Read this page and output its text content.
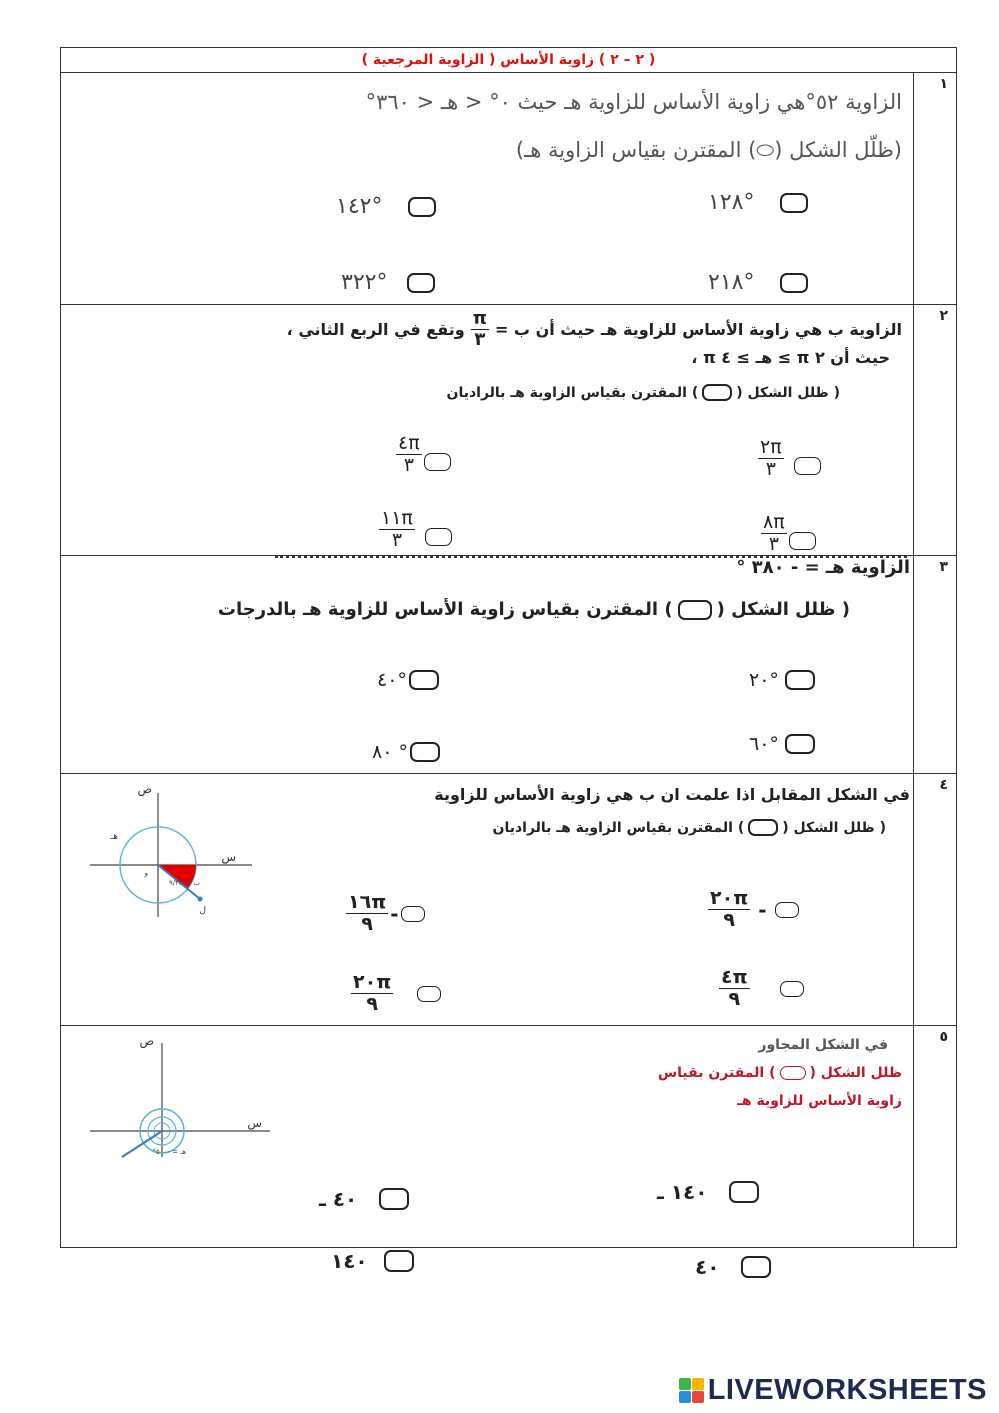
( ٢ – ٢ ) زاوية الأساس ( الزاوية المرجعية )
١
الزاوية ٥٢°هي زاوية الأساس للزاوية هـ حيث ٠° < هـ < ٣٦٠°
(ظلّل الشكل (⬭) المقترن بقياس الزاوية هـ)
١٤٢°	١٢٨°
٣٢٢°	٢١٨°
٢
الزاوية ب هي زاوية الأساس للزاوية هـ حيث أن ب =
$\frac{\pi}{٣}$
وتقع في الربع الثاني ،
حيث أن ٢ π ≥ هـ ≥ ٤ π ،
( ظلل الشكل (
) المقترن بقياس الزاوية هـ بالراديان
$\frac{٤\pi}{٣}$	$\frac{٢\pi}{٣}$
$\frac{١١\pi}{٣}$	$\frac{٨\pi}{٣}$
٣
الزاوية هـ = - ٣٨٠ °
( ظلل الشكل (
) المقترن بقياس زاوية الأساس للزاوية هـ بالدرجات
٤٠°	٢٠°
٨٠ °	٦٠°
٤
في الشكل المقابل اذا علمت ان ب هي زاوية الأساس للزاوية
( ظلل الشكل (
) المقترن بقياس الزاوية هـ بالراديان
ص
س
هـ
ب = ٢π/٩
ل
و
$\frac{١٦\pi}{٩}$ -	$\frac{٢٠\pi}{٩}$ -
$\frac{٢٠\pi}{٩}$	$\frac{٤\pi}{٩}$
٥
في الشكل المجاور
ظلل الشكل (
) المقترن بقياس
زاوية الأساس للزاوية هـ
ص
س
هـ = -٥٠٠°
٤٠ ـ	١٤٠ ـ
١٤٠	٤٠
LIVEWORKSHEETS
